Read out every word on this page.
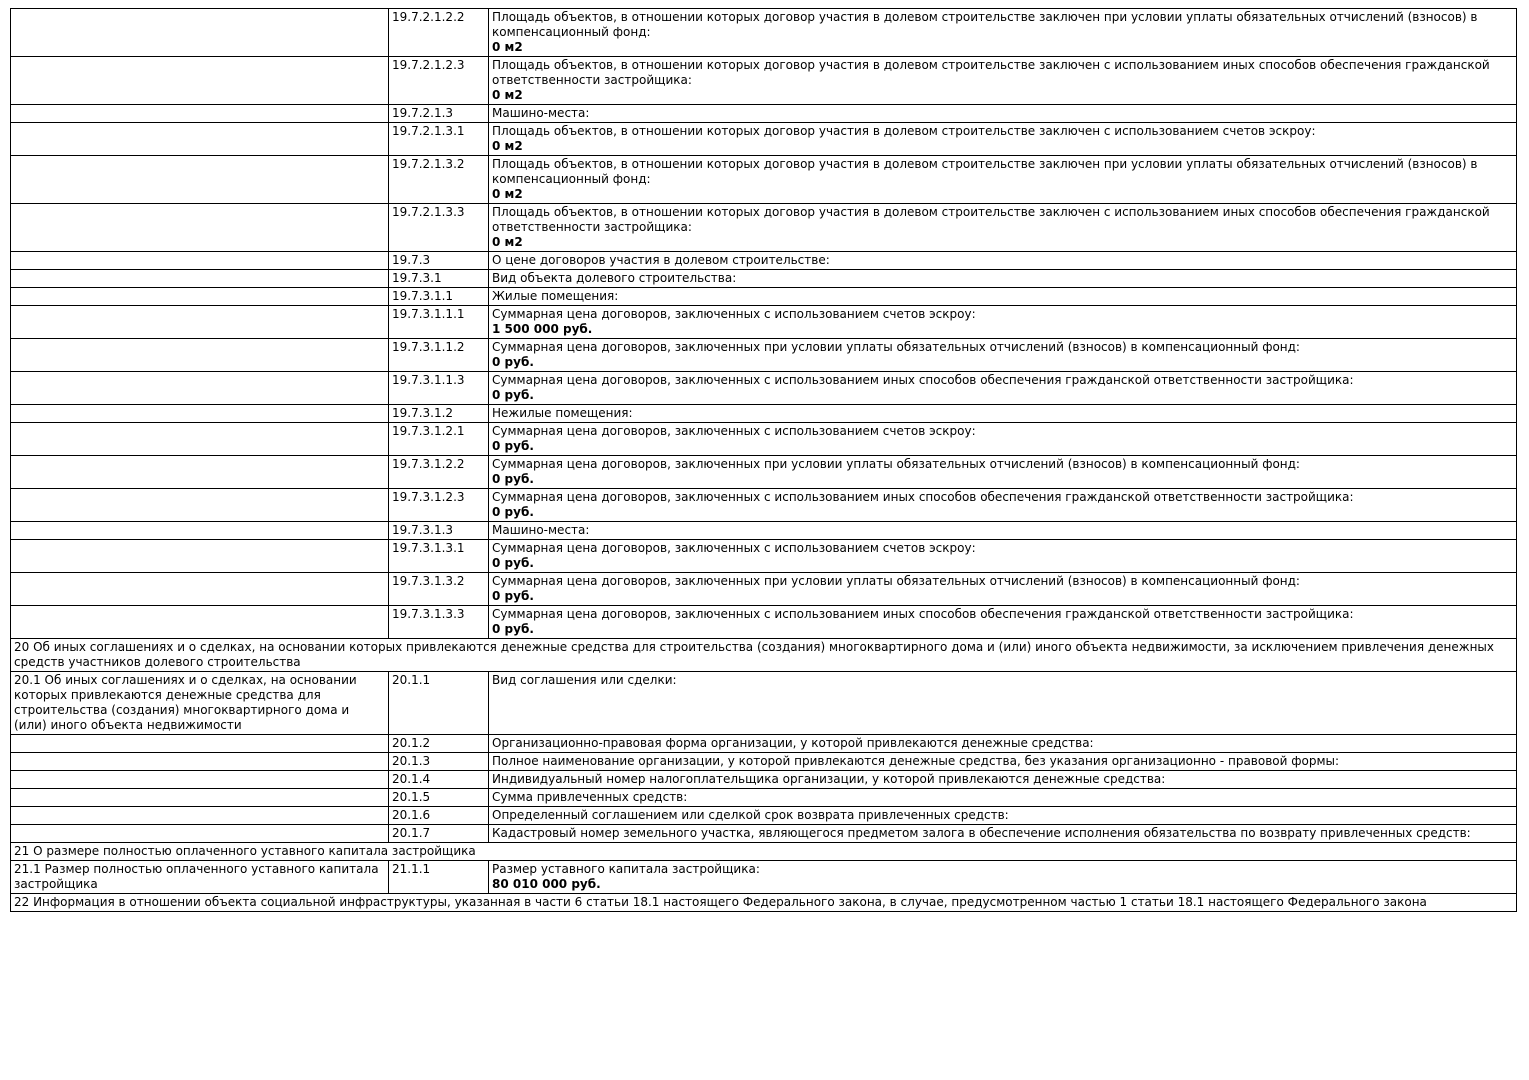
	19.7.2.1.2.2	Площадь объектов, в отношении которых договор участия в долевом строительстве заключен при условии уплаты обязательных отчислений (взносов) в компенсационный фонд:
0 м2

	19.7.2.1.2.3	Площадь объектов, в отношении которых договор участия в долевом строительстве заключен с использованием иных способов обеспечения гражданской ответственности застройщика:
0 м2

	19.7.2.1.3	Машино-места:

	19.7.2.1.3.1	Площадь объектов, в отношении которых договор участия в долевом строительстве заключен с использованием счетов эскроу:
0 м2

	19.7.2.1.3.2	Площадь объектов, в отношении которых договор участия в долевом строительстве заключен при условии уплаты обязательных отчислений (взносов) в компенсационный фонд:
0 м2

	19.7.2.1.3.3	Площадь объектов, в отношении которых договор участия в долевом строительстве заключен с использованием иных способов обеспечения гражданской ответственности застройщика:
0 м2

	19.7.3	О цене договоров участия в долевом строительстве:

	19.7.3.1	Вид объекта долевого строительства:

	19.7.3.1.1	Жилые помещения:

	19.7.3.1.1.1	Суммарная цена договоров, заключенных с использованием счетов эскроу:
1 500 000 руб.

	19.7.3.1.1.2	Суммарная цена договоров, заключенных при условии уплаты обязательных отчислений (взносов) в компенсационный фонд:
0 руб.

	19.7.3.1.1.3	Суммарная цена договоров, заключенных с использованием иных способов обеспечения гражданской ответственности застройщика:
0 руб.

	19.7.3.1.2	Нежилые помещения:

	19.7.3.1.2.1	Суммарная цена договоров, заключенных с использованием счетов эскроу:
0 руб.

	19.7.3.1.2.2	Суммарная цена договоров, заключенных при условии уплаты обязательных отчислений (взносов) в компенсационный фонд:
0 руб.

	19.7.3.1.2.3	Суммарная цена договоров, заключенных с использованием иных способов обеспечения гражданской ответственности застройщика:
0 руб.

	19.7.3.1.3	Машино-места:

	19.7.3.1.3.1	Суммарная цена договоров, заключенных с использованием счетов эскроу:
0 руб.

	19.7.3.1.3.2	Суммарная цена договоров, заключенных при условии уплаты обязательных отчислений (взносов) в компенсационный фонд:
0 руб.

	19.7.3.1.3.3	Суммарная цена договоров, заключенных с использованием иных способов обеспечения гражданской ответственности застройщика:
0 руб.

20 Об иных соглашениях и о сделках, на основании которых привлекаются денежные средства для строительства (создания) многоквартирного дома и (или) иного объекта недвижимости, за исключением привлечения денежных средств участников долевого строительства		
20.1 Об иных соглашениях и о сделках, на основании которых привлекаются денежные средства для строительства (создания) многоквартирного дома и (или) иного объекта недвижимости	20.1.1	Вид соглашения или сделки:

	20.1.2	Организационно-правовая форма организации, у которой привлекаются денежные средства:

	20.1.3	Полное наименование организации, у которой привлекаются денежные средства, без указания организационно - правовой формы:

	20.1.4	Индивидуальный номер налогоплательщика организации, у которой привлекаются денежные средства:

	20.1.5	Сумма привлеченных средств:

	20.1.6	Определенный соглашением или сделкой срок возврата привлеченных средств:

	20.1.7	Кадастровый номер земельного участка, являющегося предметом залога в обеспечение исполнения обязательства по возврату привлеченных средств:

21 О размере полностью оплаченного уставного капитала застройщика		
21.1 Размер полностью оплаченного уставного капитала застройщика	21.1.1	Размер уставного капитала застройщика:
80 010 000 руб.

22 Информация в отношении объекта социальной инфраструктуры, указанная в части 6 статьи 18.1 настоящего Федерального закона, в случае, предусмотренном частью 1 статьи 18.1 настоящего Федерального закона		
